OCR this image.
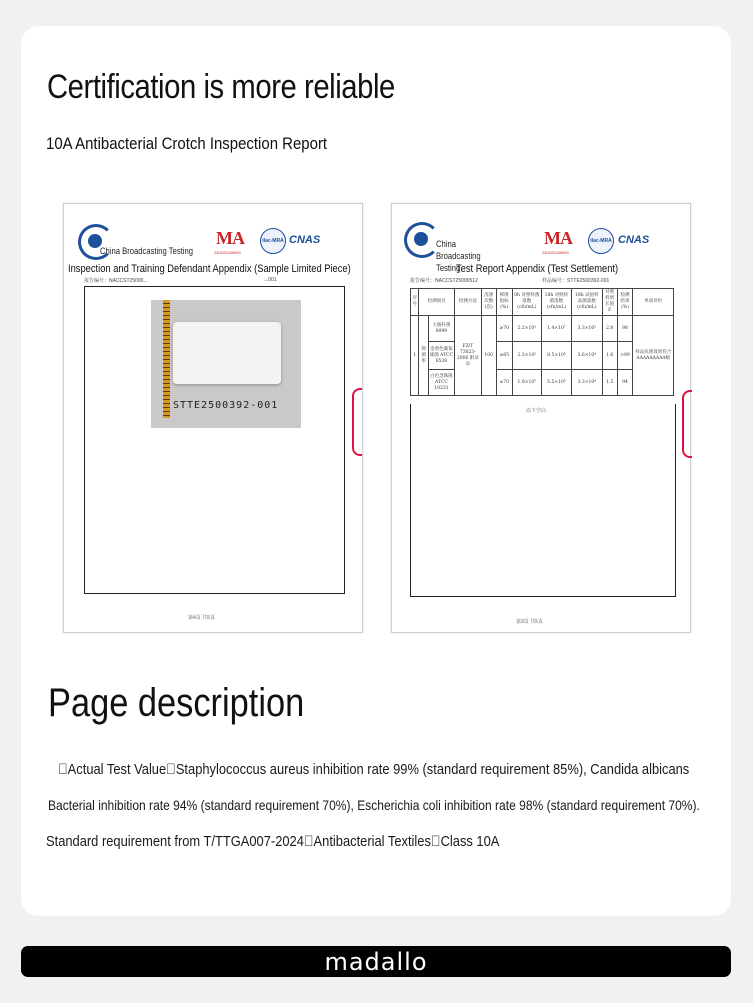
Certification is more reliable
10A Antibacterial Crotch Inspection Report
China Broadcasting Testing
MA
240220349600
ilac-MRA CNAS
Inspection and Training Defendant Appendix (Sample Limited Piece)
报告编号：NACCST25000...	...001
STTE2500392-001
第4页 共5页
China Broadcasting Testing
MA
240220349600
ilac-MRA CNAS
Test Report Appendix (Test Settlement)
报告编号：NACCST25000512	样品编号：STTE2500392-001
序号	检测项目		检测方法	洗涤次数(次)	抑菌指标(%)	0h 对照样菌落数(cfu/mL)	18h 对照样菌落数(cfu/mL)	18h 试验样品菌落数(cfu/mL)	对照样增长值F	检测结果(%)	单项评价
1	抑菌率	大肠杆菌 8099	FZ/T 73023-2006 附录D	100	≥70	2.2×10⁵	1.4×10⁷	3.3×10⁵	2.8	98	样品抗菌效果符合AAAAAAAAA级
		金黄色葡萄球菌 ATCC 6538			≥85	2.2×10⁵	8.5×10⁶	3.6×10⁴	1.6	>99	
		白色念珠菌 ATCC 10231			≥70	1.8×10⁵	5.5×10⁵	3.3×10⁴	1.5	94	
以下空白
第3页 共5页
Page description
 Actual Test Value Staphylococcus aureus inhibition rate 99% (standard requirement 85%), Candida albicans
Bacterial inhibition rate 94% (standard requirement 70%), Escherichia coli inhibition rate 98% (standard requirement 70%).
Standard requirement from T/TTGA007-2024 Antibacterial Textiles Class 10A
madallo
